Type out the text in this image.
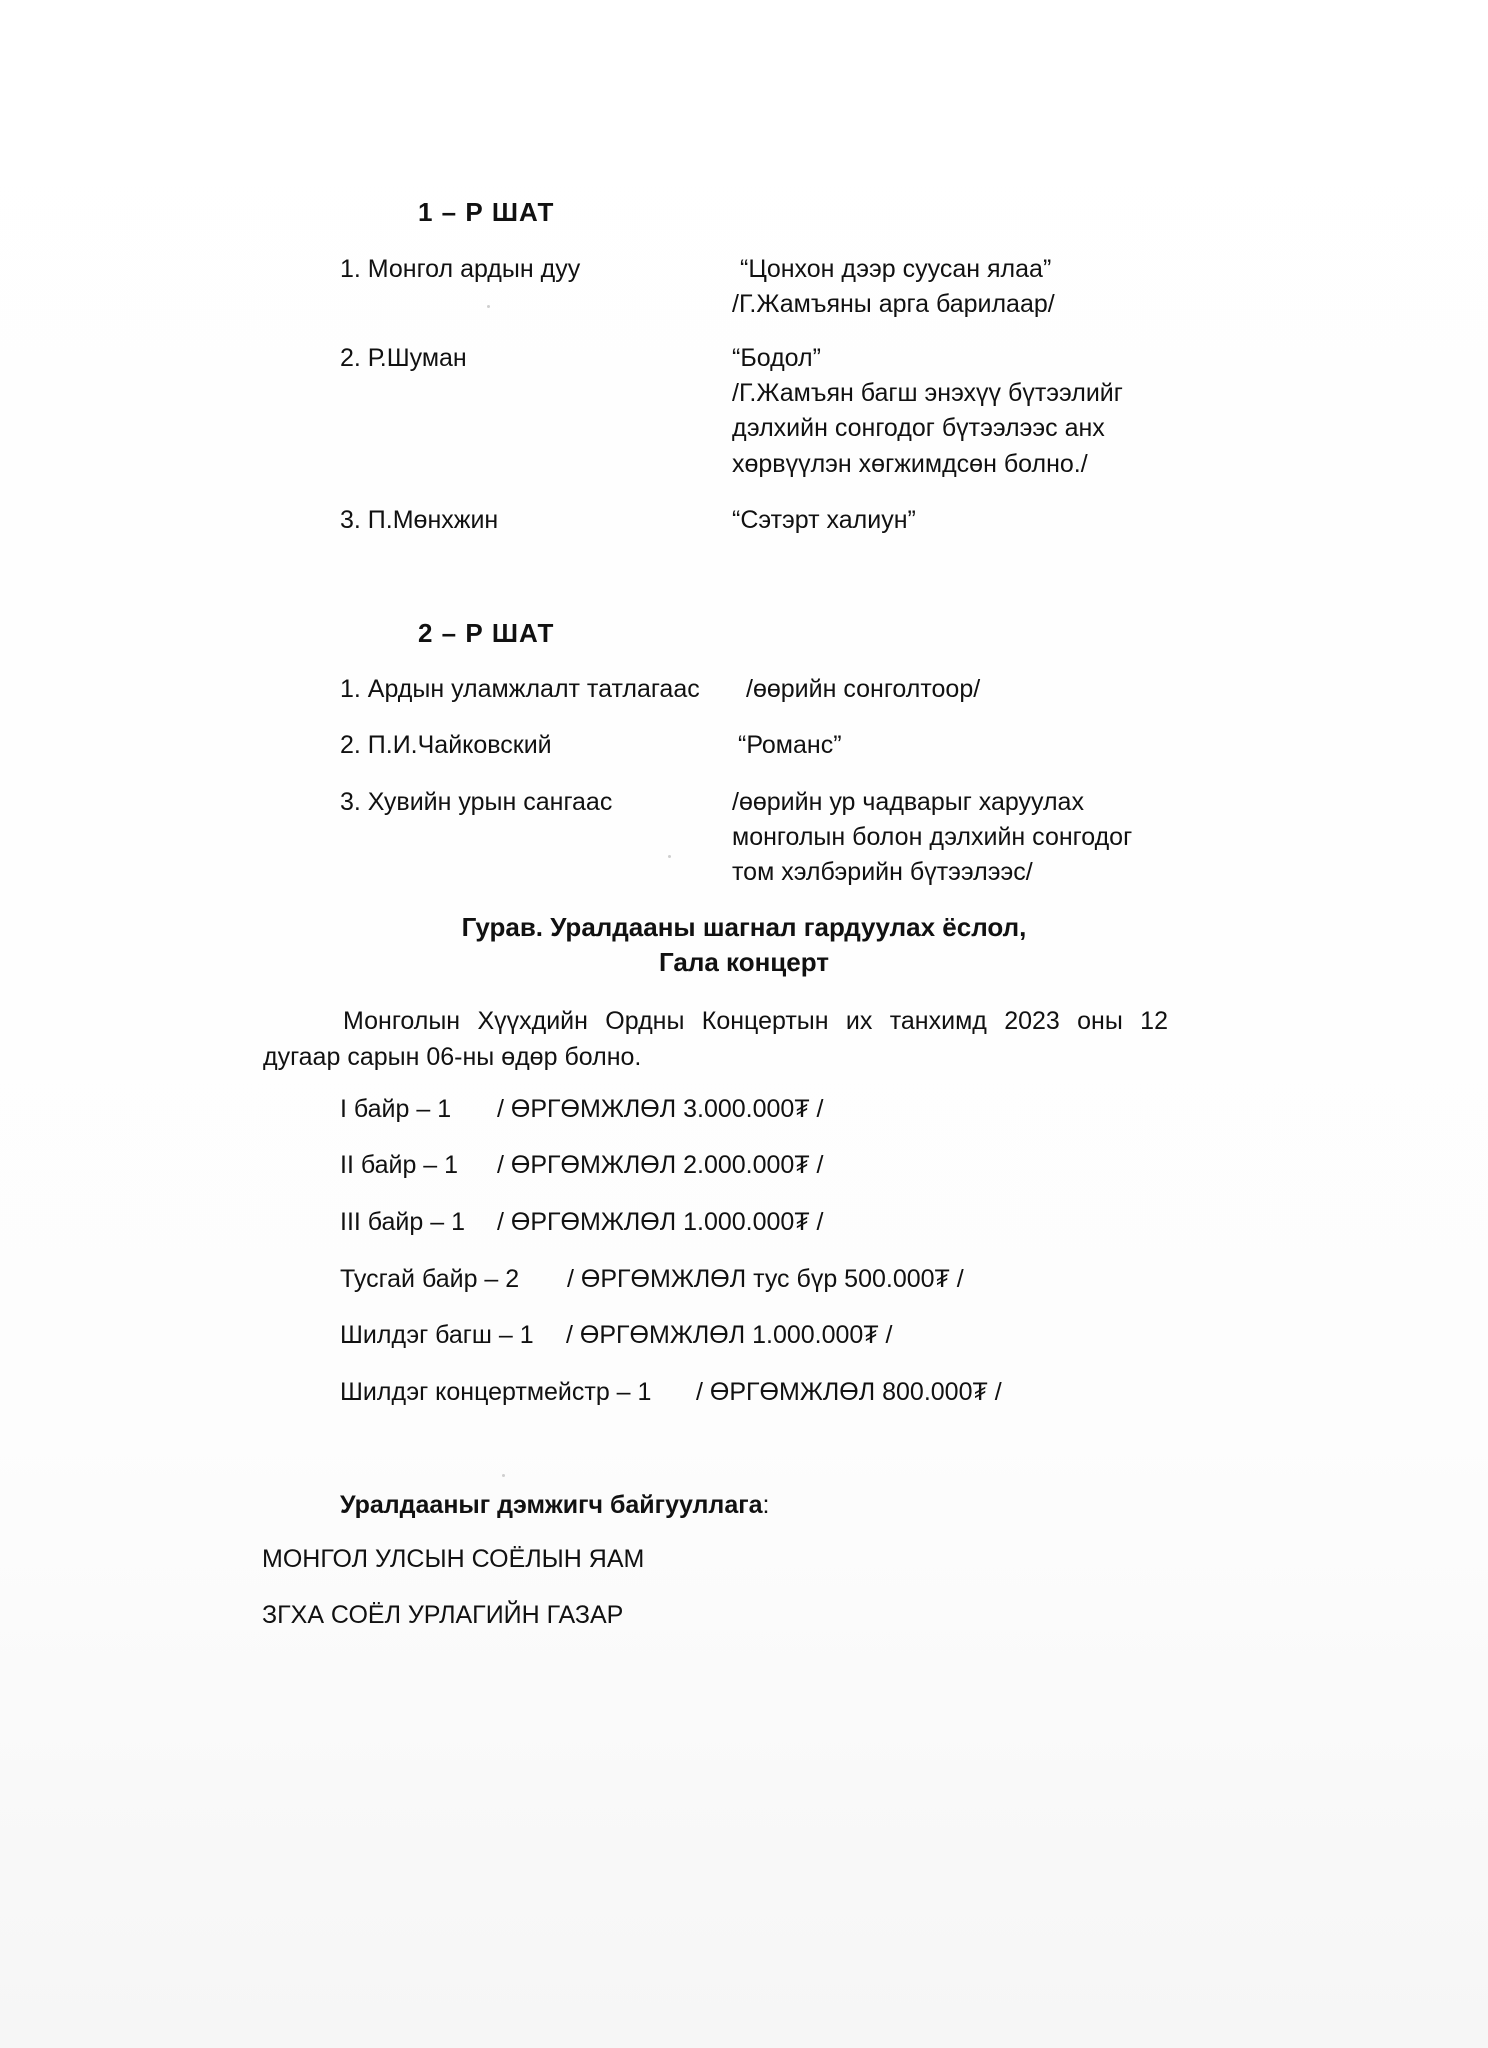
1 – Р ШАТ
1. Монгол ардын дуу	“Цонхон дээр суусан ялаа”
/Г.Жамъяны арга барилаар/
2. Р.Шуман	“Бодол”
/Г.Жамъян багш энэхүү бүтээлийг
дэлхийн сонгодог бүтээлээс анх
хөрвүүлэн хөгжимдсөн болно./
3. П.Мөнхжин	“Сэтэрт халиун”
2 – Р ШАТ
1. Ардын уламжлалт татлагаас /өөрийн сонголтоор/
2. П.И.Чайковский	“Романс”
3. Хувийн урын сангаас	/өөрийн ур чадварыг харуулах
монголын болон дэлхийн сонгодог
том хэлбэрийн бүтээлээс/
Гурав. Уралдааны шагнал гардуулах ёслол,
Гала концерт
Монголын Хүүхдийн Ордны Концертын их танхимд 2023 оны 12 дугаар сарын 06-ны өдөр болно.
I байр – 1 / ӨРГӨМЖЛӨЛ 3.000.000₮ /
II байр – 1 / ӨРГӨМЖЛӨЛ 2.000.000₮ /
III байр – 1 / ӨРГӨМЖЛӨЛ 1.000.000₮ /
Тусгай байр – 2 / ӨРГӨМЖЛӨЛ тус бүр 500.000₮ /
Шилдэг багш – 1 / ӨРГӨМЖЛӨЛ 1.000.000₮ /
Шилдэг концертмейстр – 1 / ӨРГӨМЖЛӨЛ 800.000₮ /
Уралдааныг дэмжигч байгууллага:
МОНГОЛ УЛСЫН СОЁЛЫН ЯАМ
ЗГХА СОЁЛ УРЛАГИЙН ГАЗАР
